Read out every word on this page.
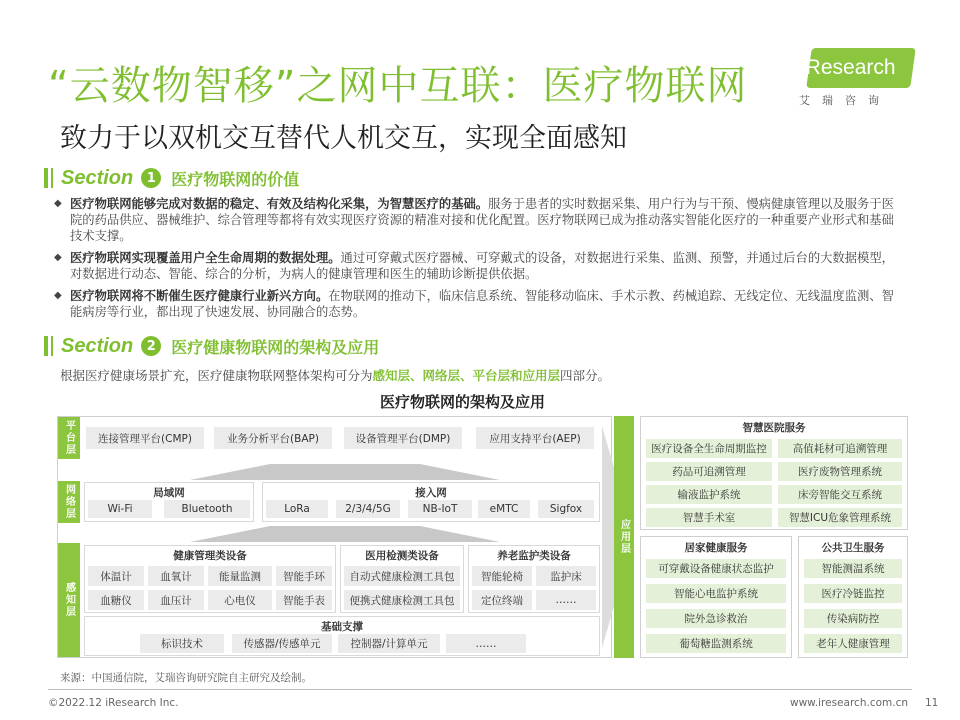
“云数物智移”之网中互联：医疗物联网
致力于以双机交互替代人机交互，实现全面感知
iResearch
艾瑞咨询
Section	1 医疗物联网的价值
◆ 医疗物联网能够完成对数据的稳定、有效及结构化采集，为智慧医疗的基础。服务于患者的实时数据采集、用户行为与干预、慢病健康管理以及服务于医院的药品供应、器械维护、综合管理等都将有效实现医疗资源的精准对接和优化配置。医疗物联网已成为推动落实智能化医疗的一种重要产业形式和基础技术支撑。
◆ 医疗物联网实现覆盖用户全生命周期的数据处理。通过可穿戴式医疗器械、可穿戴式的设备，对数据进行采集、监测、预警，并通过后台的大数据模型，对数据进行动态、智能、综合的分析，为病人的健康管理和医生的辅助诊断提供依据。
◆ 医疗物联网将不断催生医疗健康行业新兴方向。在物联网的推动下，临床信息系统、智能移动临床、手术示教、药械追踪、无线定位、无线温度监测、智能病房等行业，都出现了快速发展、协同融合的态势。
Section	2 医疗健康物联网的架构及应用
根据医疗健康场景扩充，医疗健康物联网整体架构可分为感知层、网络层、平台层和应用层四部分。
医疗物联网的架构及应用
平台层	连接管理平台(CMP)	业务分析平台(BAP)	设备管理平台(DMP)	应用支持平台(AEP)
网络层	局域网
Wi-Fi	Bluetooth
接入网
LoRa	2/3/4/5G	NB-IoT	eMTC	Sigfox
感知层
健康管理类设备
体温计	血氧计	能量监测	智能手环
血糖仪	血压计	心电仪	智能手表
医用检测类设备
自动式健康检测工具包
便携式健康检测工具包
养老监护类设备
智能轮椅	监护床
定位终端	……
基础支撑
标识技术	传感器/传感单元	控制器/计算单元	……
应用层
智慧医院服务
医疗设备全生命周期监控	高值耗材可追溯管理
药品可追溯管理	医疗废物管理系统
输液监护系统	床旁智能交互系统
智慧手术室	智慧ICU危象管理系统
居家健康服务
可穿戴设备健康状态监护
智能心电监护系统
院外急诊救治
葡萄糖监测系统
公共卫生服务
智能测温系统
医疗冷链监控
传染病防控
老年人健康管理
来源：中国通信院，艾瑞咨询研究院自主研究及绘制。
©2022.12 iResearch Inc.	www.iresearch.com.cn 11
